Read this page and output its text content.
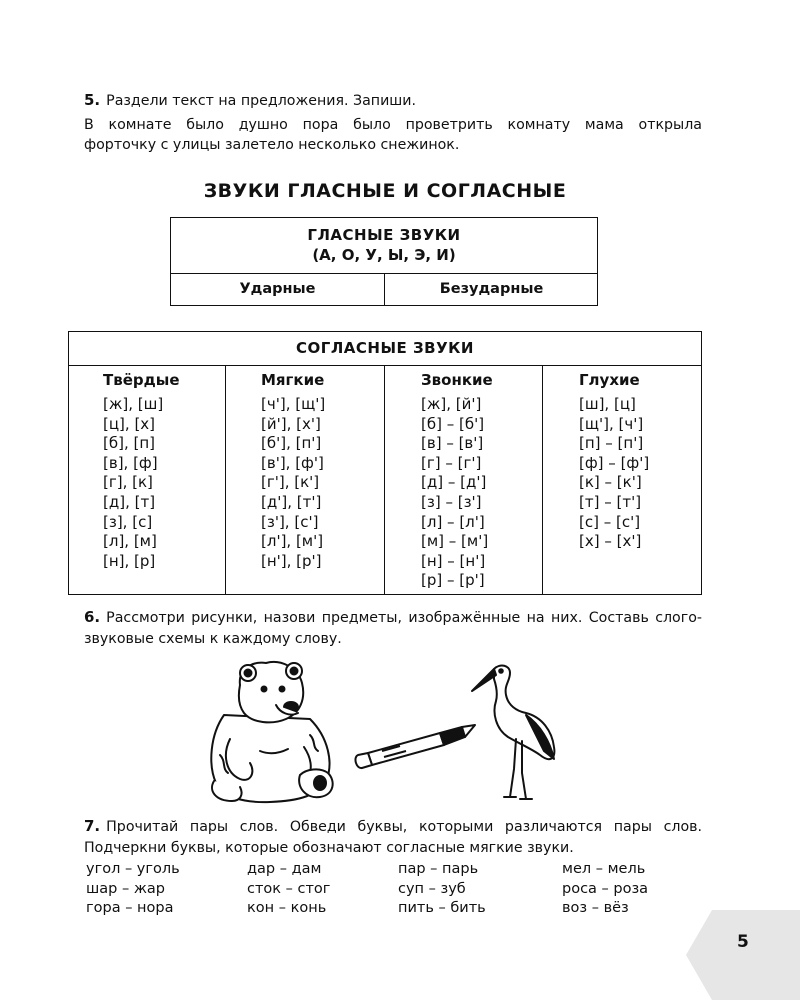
5. Раздели текст на предложения. Запиши.
В комнате было душно пора было проветрить комнату мама открыла
форточку с улицы залетело несколько снежинок.
ЗВУКИ ГЛАСНЫЕ И СОГЛАСНЫЕ
ГЛАСНЫЕ ЗВУКИ
(А, О, У, Ы, Э, И)
Ударные	Безударные
СОГЛАСНЫЕ ЗВУКИ
Твёрдые
[ж], [ш]
[ц], [х]
[б], [п]
[в], [ф]
[г], [к]
[д], [т]
[з], [с]
[л], [м]
[н], [р]
Мягкие
[ч'], [щ']
[й'], [х']
[б'], [п']
[в'], [ф']
[г'], [к']
[д'], [т']
[з'], [с']
[л'], [м']
[н'], [р']
Звонкие
[ж], [й']
[б] – [б']
[в] – [в']
[г] – [г']
[д] – [д']
[з] – [з']
[л] – [л']
[м] – [м']
[н] – [н']
[р] – [р']
Глухие
[ш], [ц]
[щ'], [ч']
[п] – [п']
[ф] – [ф']
[к] – [к']
[т] – [т']
[с] – [с']
[х] – [х']
6. Рассмотри рисунки, назови предметы, изображённые на них. Составь слого-звуковые схемы к каждому слову.
7. Прочитай пары слов. Обведи буквы, которыми различаются пары слов. Подчеркни буквы, которые обозначают согласные мягкие звуки.
угол – уголь
шар – жар
гора – нора
дар – дам
сток – стог
кон – конь
пар – парь
суп – зуб
пить – бить
мел – мель
роса – роза
воз – вёз
5
